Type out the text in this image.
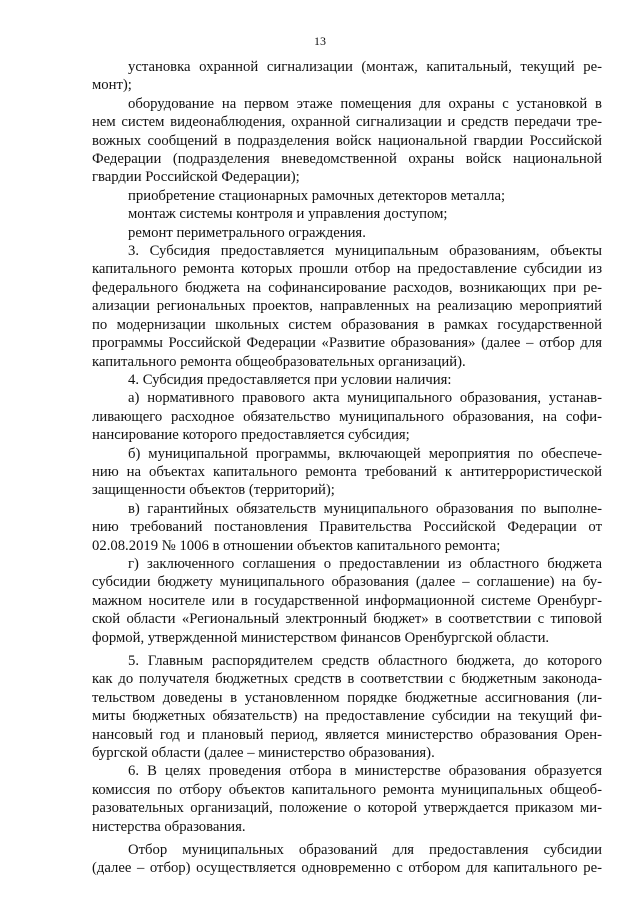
13
установка охранной сигнализации (монтаж, капитальный, текущий ре-
монт);
оборудование на первом этаже помещения для охраны с установкой в
нем систем видеонаблюдения, охранной сигнализации и средств передачи тре-
вожных сообщений в подразделения войск национальной гвардии Российской
Федерации (подразделения вневедомственной охраны войск национальной
гвардии Российской Федерации);
приобретение стационарных рамочных детекторов металла;
монтаж системы контроля и управления доступом;
ремонт периметрального ограждения.
3. Субсидия предоставляется муниципальным образованиям, объекты
капитального ремонта которых прошли отбор на предоставление субсидии из
федерального бюджета на софинансирование расходов, возникающих при ре-
ализации региональных проектов, направленных на реализацию мероприятий
по модернизации школьных систем образования в рамках государственной
программы Российской Федерации «Развитие образования» (далее – отбор для
капитального ремонта общеобразовательных организаций).
4. Субсидия предоставляется при условии наличия:
а) нормативного правового акта муниципального образования, устанав-
ливающего расходное обязательство муниципального образования, на софи-
нансирование которого предоставляется субсидия;
б) муниципальной программы, включающей мероприятия по обеспече-
нию на объектах капитального ремонта требований к антитеррористической
защищенности объектов (территорий);
в) гарантийных обязательств муниципального образования по выполне-
нию требований постановления Правительства Российской Федерации от
02.08.2019 № 1006 в отношении объектов капитального ремонта;
г) заключенного соглашения о предоставлении из областного бюджета
субсидии бюджету муниципального образования (далее – соглашение) на бу-
мажном носителе или в государственной информационной системе Оренбург-
ской области «Региональный электронный бюджет» в соответствии с типовой
формой, утвержденной министерством финансов Оренбургской области.
5. Главным распорядителем средств областного бюджета, до которого
как до получателя бюджетных средств в соответствии с бюджетным законода-
тельством доведены в установленном порядке бюджетные ассигнования (ли-
миты бюджетных обязательств) на предоставление субсидии на текущий фи-
нансовый год и плановый период, является министерство образования Орен-
бургской области (далее – министерство образования).
6. В целях проведения отбора в министерстве образования образуется
комиссия по отбору объектов капитального ремонта муниципальных общеоб-
разовательных организаций, положение о которой утверждается приказом ми-
нистерства образования.
Отбор муниципальных образований для предоставления субсидии
(далее – отбор) осуществляется одновременно с отбором для капитального ре-
